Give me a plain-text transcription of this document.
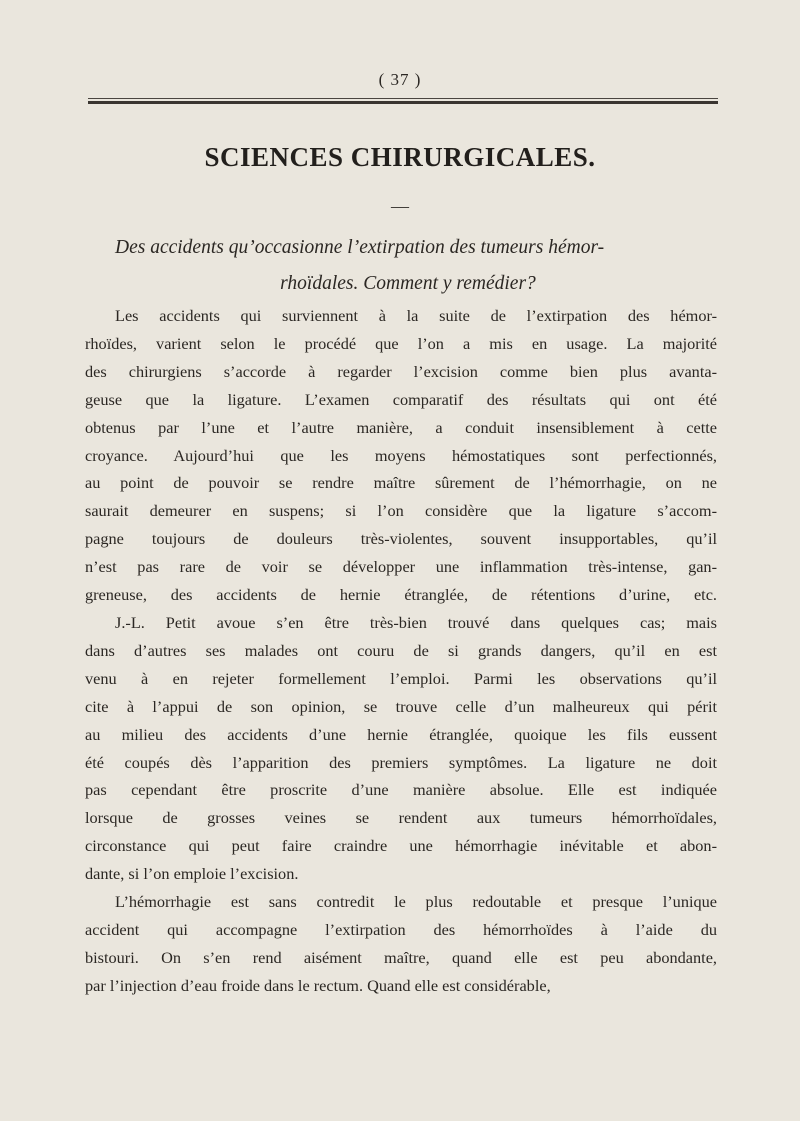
( 37 )
SCIENCES CHIRURGICALES.
—
Des accidents qu’occasionne l’extirpation des tumeurs hémor-
rhoïdales. Comment y remédier?
Les accidents qui surviennent à la suite de l’extirpation des hémor-
rhoïdes, varient selon le procédé que l’on a mis en usage. La majorité
des chirurgiens s’accorde à regarder l’excision comme bien plus avanta-
geuse que la ligature. L’examen comparatif des résultats qui ont été
obtenus par l’une et l’autre manière, a conduit insensiblement à cette
croyance. Aujourd’hui que les moyens hémostatiques sont perfectionnés,
au point de pouvoir se rendre maître sûrement de l’hémorrhagie, on ne
saurait demeurer en suspens; si l’on considère que la ligature s’accom-
pagne toujours de douleurs très-violentes, souvent insupportables, qu’il
n’est pas rare de voir se développer une inflammation très-intense, gan-
greneuse, des accidents de hernie étranglée, de rétentions d’urine, etc.
J.-L. Petit avoue s’en être très-bien trouvé dans quelques cas; mais
dans d’autres ses malades ont couru de si grands dangers, qu’il en est
venu à en rejeter formellement l’emploi. Parmi les observations qu’il
cite à l’appui de son opinion, se trouve celle d’un malheureux qui périt
au milieu des accidents d’une hernie étranglée, quoique les fils eussent
été coupés dès l’apparition des premiers symptômes. La ligature ne doit
pas cependant être proscrite d’une manière absolue. Elle est indiquée
lorsque de grosses veines se rendent aux tumeurs hémorrhoïdales,
circonstance qui peut faire craindre une hémorrhagie inévitable et abon-
dante, si l’on emploie l’excision.
L’hémorrhagie est sans contredit le plus redoutable et presque l’unique
accident qui accompagne l’extirpation des hémorrhoïdes à l’aide du
bistouri. On s’en rend aisément maître, quand elle est peu abondante,
par l’injection d’eau froide dans le rectum. Quand elle est considérable,
